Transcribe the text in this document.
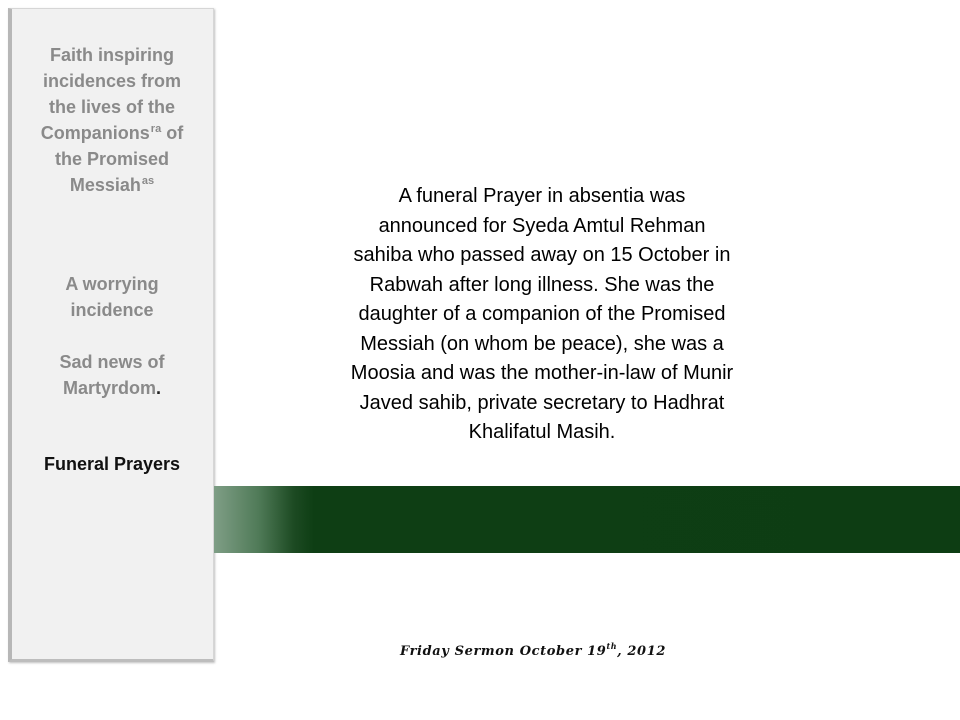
Faith inspiring
incidences from
the lives of the
Companions$^{ra}$ of
the Promised
Messiah$^{as}$
A worrying
incidence
Sad news of
Martyrdom.
Funeral Prayers
A funeral Prayer in absentia was
announced for Syeda Amtul Rehman
sahiba who passed away on 15 October in
Rabwah after long illness. She was the
daughter of a companion of the Promised
Messiah (on whom be peace), she was a
Moosia and was the mother-in-law of Munir
Javed sahib, private secretary to Hadhrat
Khalifatul Masih.
Friday Sermon October 19th, 2012
